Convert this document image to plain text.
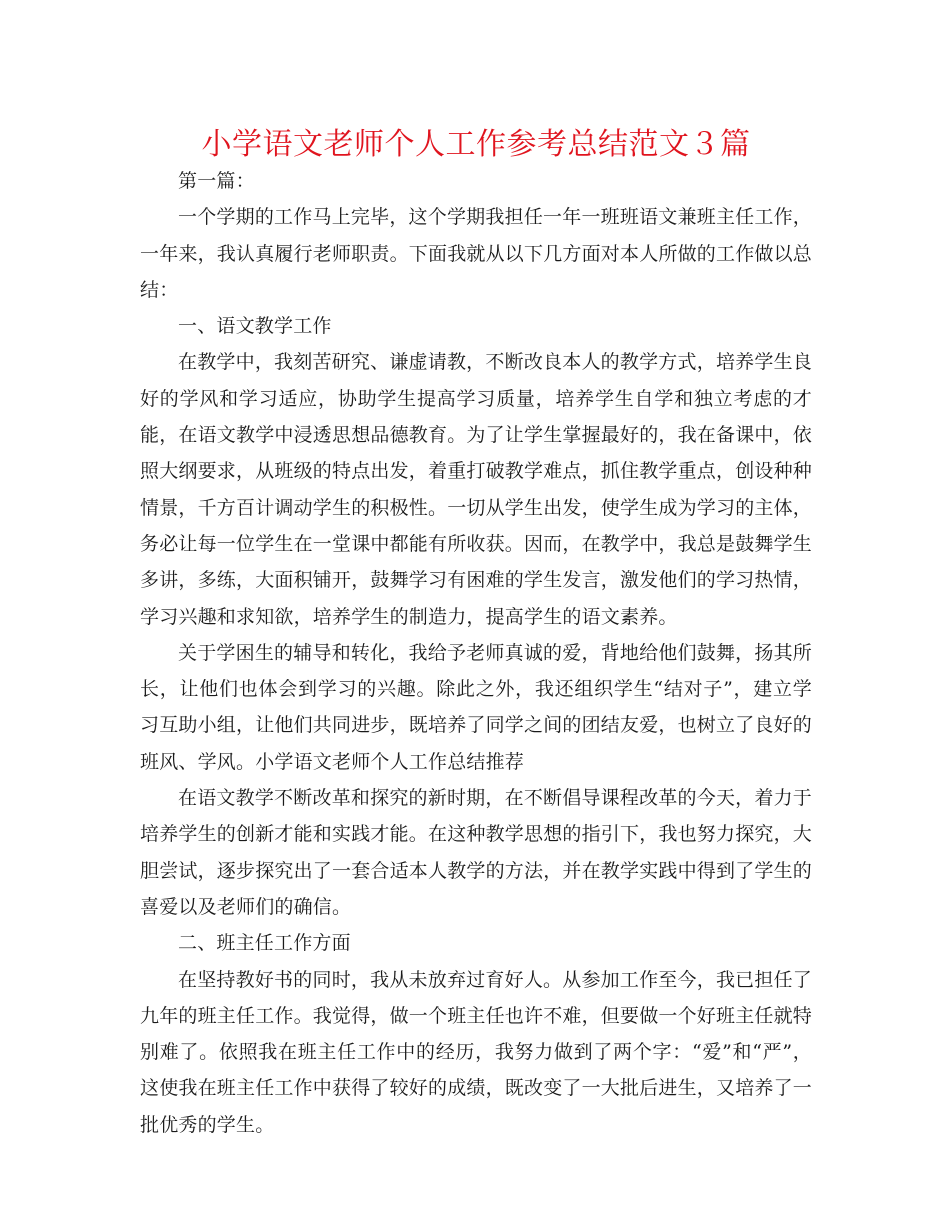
小学语文老师个人工作参考总结范文３篇

第一篇：

一个学期的工作马上完毕，这个学期我担任一年一班班语文兼班主任工作，一年来，我认真履行老师职责。下面我就从以下几方面对本人所做的工作做以总结：

一、语文教学工作

在教学中，我刻苦研究、谦虚请教，不断改良本人的教学方式，培养学生良好的学风和学习适应，协助学生提高学习质量，培养学生自学和独立考虑的才能，在语文教学中浸透思想品德教育。为了让学生掌握最好的，我在备课中，依照大纲要求，从班级的特点出发，着重打破教学难点，抓住教学重点，创设种种情景，千方百计调动学生的积极性。一切从学生出发，使学生成为学习的主体，务必让每一位学生在一堂课中都能有所收获。因而，在教学中，我总是鼓舞学生多讲，多练，大面积铺开，鼓舞学习有困难的学生发言，激发他们的学习热情，学习兴趣和求知欲，培养学生的制造力，提高学生的语文素养。

关于学困生的辅导和转化，我给予老师真诚的爱，背地给他们鼓舞，扬其所长，让他们也体会到学习的兴趣。除此之外，我还组织学生“结对子”，建立学习互助小组，让他们共同进步，既培养了同学之间的团结友爱，也树立了良好的班风、学风。小学语文老师个人工作总结推荐

在语文教学不断改革和探究的新时期，在不断倡导课程改革的今天，着力于培养学生的创新才能和实践才能。在这种教学思想的指引下，我也努力探究，大胆尝试，逐步探究出了一套合适本人教学的方法，并在教学实践中得到了学生的喜爱以及老师们的确信。

二、班主任工作方面

在坚持教好书的同时，我从未放弃过育好人。从参加工作至今，我已担任了九年的班主任工作。我觉得，做一个班主任也许不难，但要做一个好班主任就特别难了。依照我在班主任工作中的经历，我努力做到了两个字：“爱”和“严”，这使我在班主任工作中获得了较好的成绩，既改变了一大批后进生，又培养了一批优秀的学生。
